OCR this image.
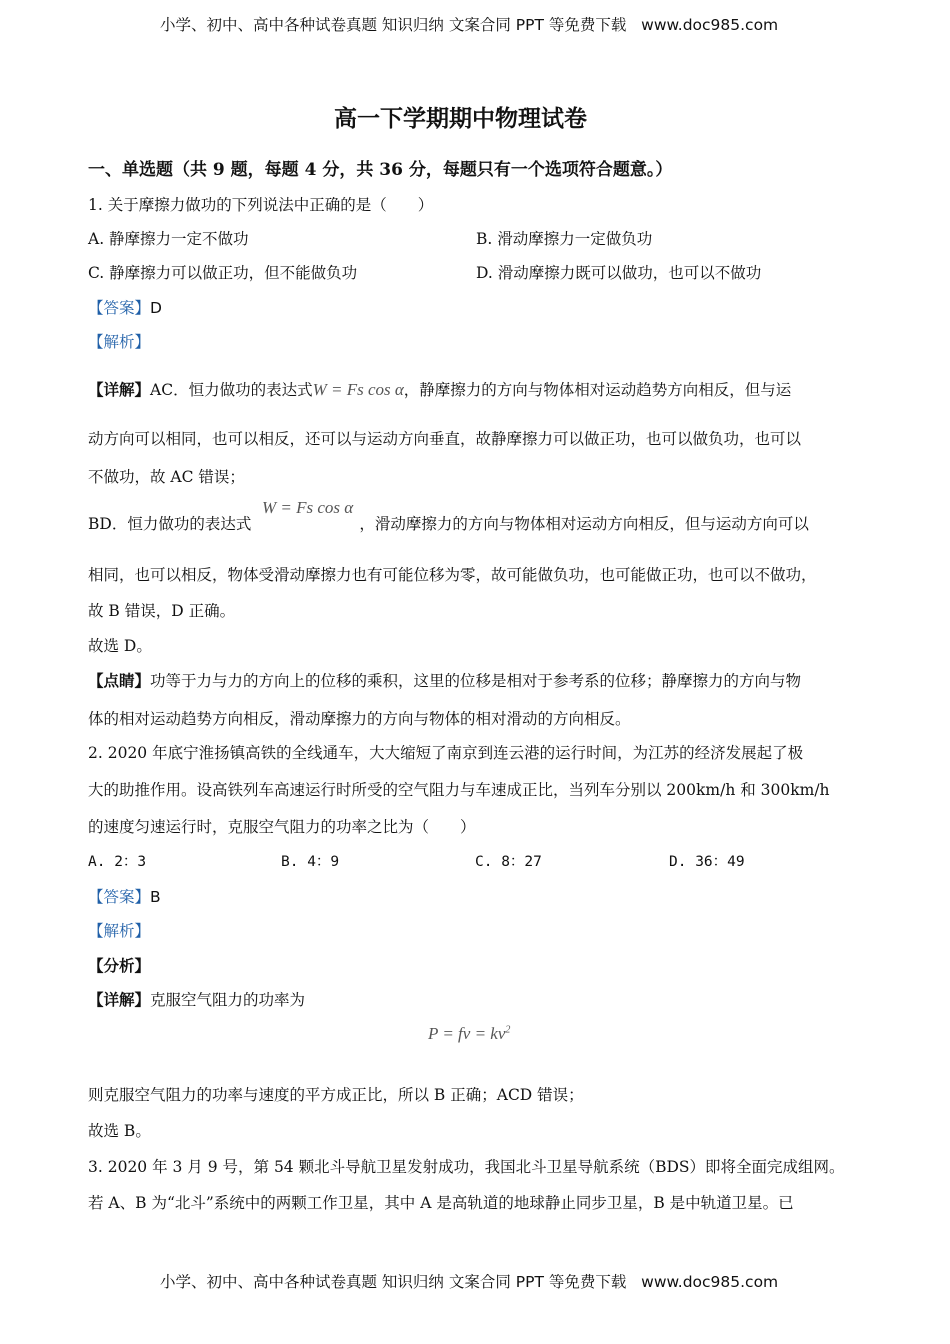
小学、初中、高中各种试卷真题 知识归纳 文案合同 PPT 等免费下载 www.doc985.com
高一下学期期中物理试卷
一、单选题（共 9 题，每题 4 分，共 36 分，每题只有一个选项符合题意。）
1. 关于摩擦力做功的下列说法中正确的是（　　）
A. 静摩擦力一定不做功	B. 滑动摩擦力一定做负功
C. 静摩擦力可以做正功，但不能做负功	D. 滑动摩擦力既可以做功，也可以不做功
【答案】D
【解析】
【详解】AC．恒力做功的表达式W = Fs cos α，静摩擦力的方向与物体相对运动趋势方向相反，但与运
动方向可以相同，也可以相反，还可以与运动方向垂直，故静摩擦力可以做正功，也可以做负功，也可以
不做功，故 AC 错误；
W = Fs cos α
BD．恒力做功的表达式	，滑动摩擦力的方向与物体相对运动方向相反，但与运动方向可以
相同，也可以相反，物体受滑动摩擦力也有可能位移为零，故可能做负功，也可能做正功，也可以不做功，
故 B 错误，D 正确。
故选 D。
【点睛】功等于力与力的方向上的位移的乘积，这里的位移是相对于参考系的位移；静摩擦力的方向与物
体的相对运动趋势方向相反，滑动摩擦力的方向与物体的相对滑动的方向相反。
2. 2020 年底宁淮扬镇高铁的全线通车，大大缩短了南京到连云港的运行时间，为江苏的经济发展起了极
大的助推作用。设高铁列车高速运行时所受的空气阻力与车速成正比，当列车分别以 200km/h 和 300km/h
的速度匀速运行时，克服空气阻力的功率之比为（　　）
A. 2：3	B. 4：9	C. 8：27	D. 36：49
【答案】B
【解析】
【分析】
【详解】克服空气阻力的功率为
P = fv = $kv^2$
则克服空气阻力的功率与速度的平方成正比，所以 B 正确；ACD 错误；
故选 B。
3. 2020 年 3 月 9 号，第 54 颗北斗导航卫星发射成功，我国北斗卫星导航系统（BDS）即将全面完成组网。
若 A、B 为“北斗”系统中的两颗工作卫星，其中 A 是高轨道的地球静止同步卫星，B 是中轨道卫星。已
小学、初中、高中各种试卷真题 知识归纳 文案合同 PPT 等免费下载 www.doc985.com
